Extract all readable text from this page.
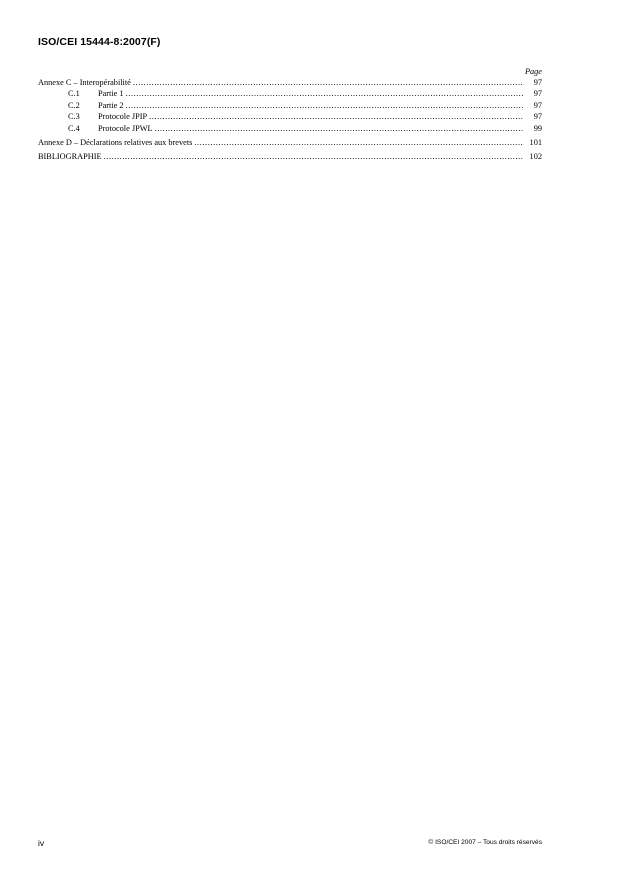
ISO/CEI 15444-8:2007(F)
Page
Annexe C – Interopérabilité .....	97
C.1	Partie 1 .....	97
C.2	Partie 2 .....	97
C.3	Protocole JPIP .....	97
C.4	Protocole JPWL .....	99
Annexe D – Déclarations relatives aux brevets .....	101
BIBLIOGRAPHIE .....	102
iv	© ISO/CEI 2007 – Tous droits réservés
